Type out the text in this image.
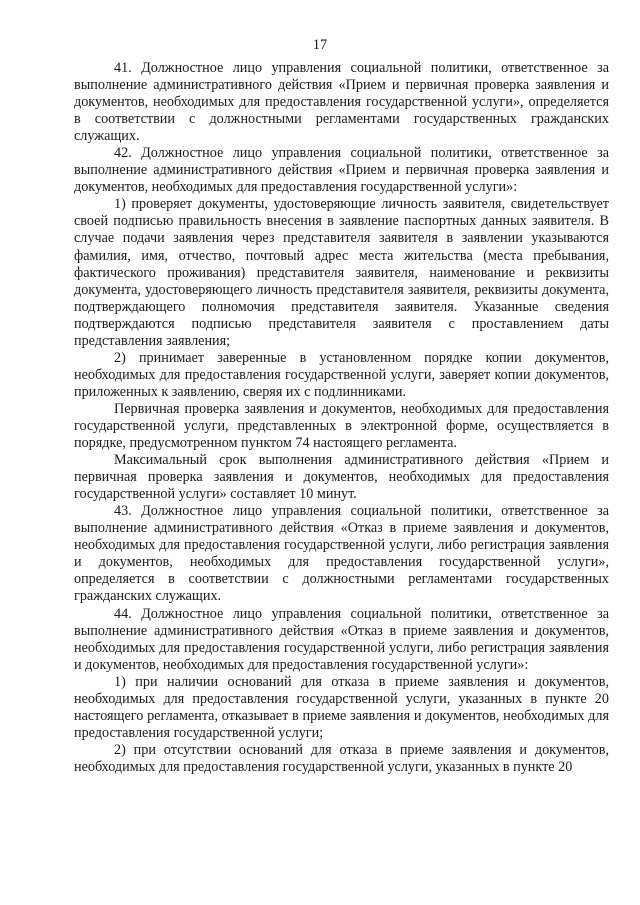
17

41. Должностное лицо управления социальной политики, ответственное за выполнение административного действия «Прием и первичная проверка заявления и документов, необходимых для предоставления государственной услуги», определяется в соответствии с должностными регламентами государственных гражданских служащих.

42. Должностное лицо управления социальной политики, ответственное за выполнение административного действия «Прием и первичная проверка заявления и документов, необходимых для предоставления государственной услуги»:

1) проверяет документы, удостоверяющие личность заявителя, свидетельствует своей подписью правильность внесения в заявление паспортных данных заявителя. В случае подачи заявления через представителя заявителя в заявлении указываются фамилия, имя, отчество, почтовый адрес места жительства (места пребывания, фактического проживания) представителя заявителя, наименование и реквизиты документа, удостоверяющего личность представителя заявителя, реквизиты документа, подтверждающего полномочия представителя заявителя. Указанные сведения подтверждаются подписью представителя заявителя с проставлением даты представления заявления;

2) принимает заверенные в установленном порядке копии документов, необходимых для предоставления государственной услуги, заверяет копии документов, приложенных к заявлению, сверяя их с подлинниками.

Первичная проверка заявления и документов, необходимых для предоставления государственной услуги, представленных в электронной форме, осуществляется в порядке, предусмотренном пунктом 74 настоящего регламента.

Максимальный срок выполнения административного действия «Прием и первичная проверка заявления и документов, необходимых для предоставления государственной услуги» составляет 10 минут.

43. Должностное лицо управления социальной политики, ответственное за выполнение административного действия «Отказ в приеме заявления и документов, необходимых для предоставления государственной услуги, либо регистрация заявления и документов, необходимых для предоставления государственной услуги», определяется в соответствии с должностными регламентами государственных гражданских служащих.

44. Должностное лицо управления социальной политики, ответственное за выполнение административного действия «Отказ в приеме заявления и документов, необходимых для предоставления государственной услуги, либо регистрация заявления и документов, необходимых для предоставления государственной услуги»:

1) при наличии оснований для отказа в приеме заявления и документов, необходимых для предоставления государственной услуги, указанных в пункте 20 настоящего регламента, отказывает в приеме заявления и документов, необходимых для предоставления государственной услуги;

2) при отсутствии оснований для отказа в приеме заявления и документов, необходимых для предоставления государственной услуги, указанных в пункте 20
